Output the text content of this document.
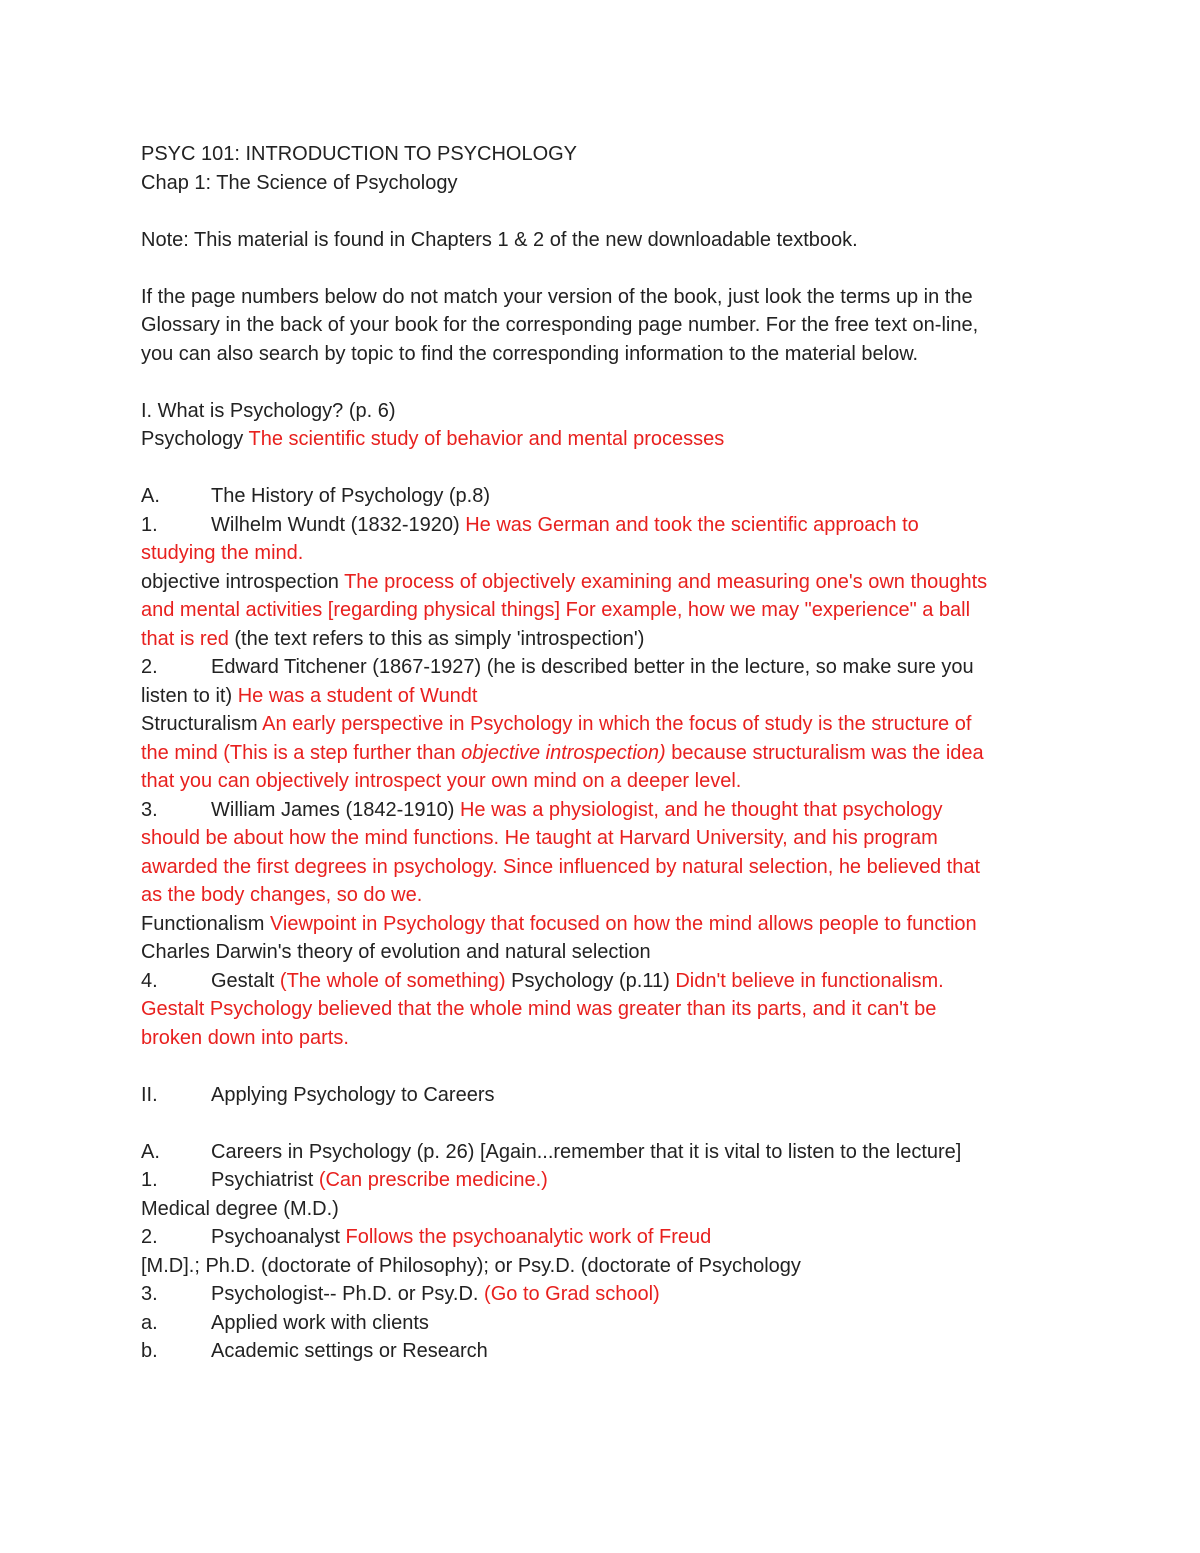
PSYC 101: INTRODUCTION TO PSYCHOLOGY
Chap 1: The Science of Psychology
Note: This material is found in Chapters 1 & 2 of the new downloadable textbook.
If the page numbers below do not match your version of the book, just look the terms up in the
Glossary in the back of your book for the corresponding page number. For the free text on-line,
you can also search by topic to find the corresponding information to the material below.
I. What is Psychology? (p. 6)
Psychology The scientific study of behavior and mental processes
A.	The History of Psychology (p.8)
1.	Wilhelm Wundt (1832-1920) He was German and took the scientific approach to
studying the mind.
objective introspection The process of objectively examining and measuring one's own thoughts
and mental activities [regarding physical things] For example, how we may "experience" a ball
that is red (the text refers to this as simply 'introspection')
2.	Edward Titchener (1867-1927) (he is described better in the lecture, so make sure you
listen to it) He was a student of Wundt
Structuralism An early perspective in Psychology in which the focus of study is the structure of
the mind (This is a step further than objective introspection) because structuralism was the idea
that you can objectively introspect your own mind on a deeper level.
3.	William James (1842-1910) He was a physiologist, and he thought that psychology
should be about how the mind functions. He taught at Harvard University, and his program
awarded the first degrees in psychology. Since influenced by natural selection, he believed that
as the body changes, so do we.
Functionalism Viewpoint in Psychology that focused on how the mind allows people to function
Charles Darwin's theory of evolution and natural selection
4.	Gestalt (The whole of something) Psychology (p.11) Didn't believe in functionalism.
Gestalt Psychology believed that the whole mind was greater than its parts, and it can't be
broken down into parts.
II.	Applying Psychology to Careers
A.	Careers in Psychology (p. 26) [Again...remember that it is vital to listen to the lecture]
1.	Psychiatrist (Can prescribe medicine.)
Medical degree (M.D.)
2.	Psychoanalyst Follows the psychoanalytic work of Freud
[M.D].; Ph.D. (doctorate of Philosophy); or Psy.D. (doctorate of Psychology
3.	Psychologist-- Ph.D. or Psy.D. (Go to Grad school)
a.	Applied work with clients
b.	Academic settings or Research
